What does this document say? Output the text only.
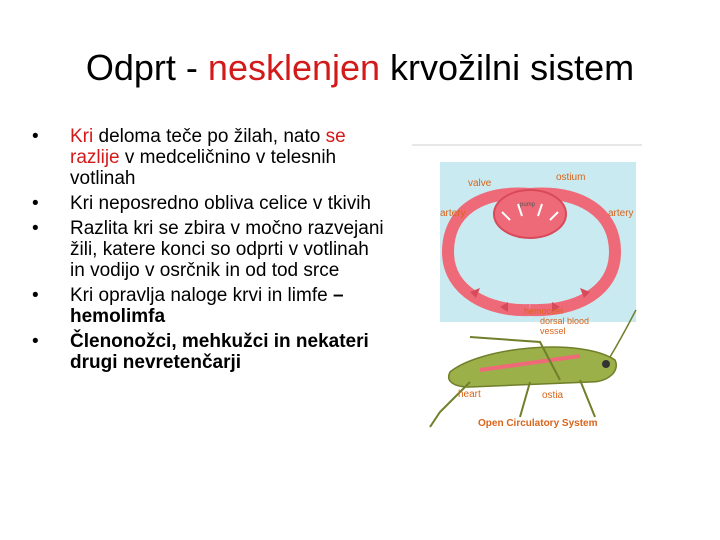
Odprt - nesklenjen krvožilni sistem
• Kri deloma teče po žilah, nato se razlije v medceličnino v telesnih votlinah
• Kri neposredno obliva celice v tkivih
• Razlita kri se zbira v močno razvejani žili, katere konci so odprti v votlinah in vodijo v osrčnik in od tod srce
• Kri opravlja naloge krvi in limfe – hemolimfa
• Členonožci, mehkužci in nekateri drugi nevretenčarji
valve
ostium
pump
artery	artery
hemocoel
dorsal blood
vessel
heart	ostia
Open Circulatory System
